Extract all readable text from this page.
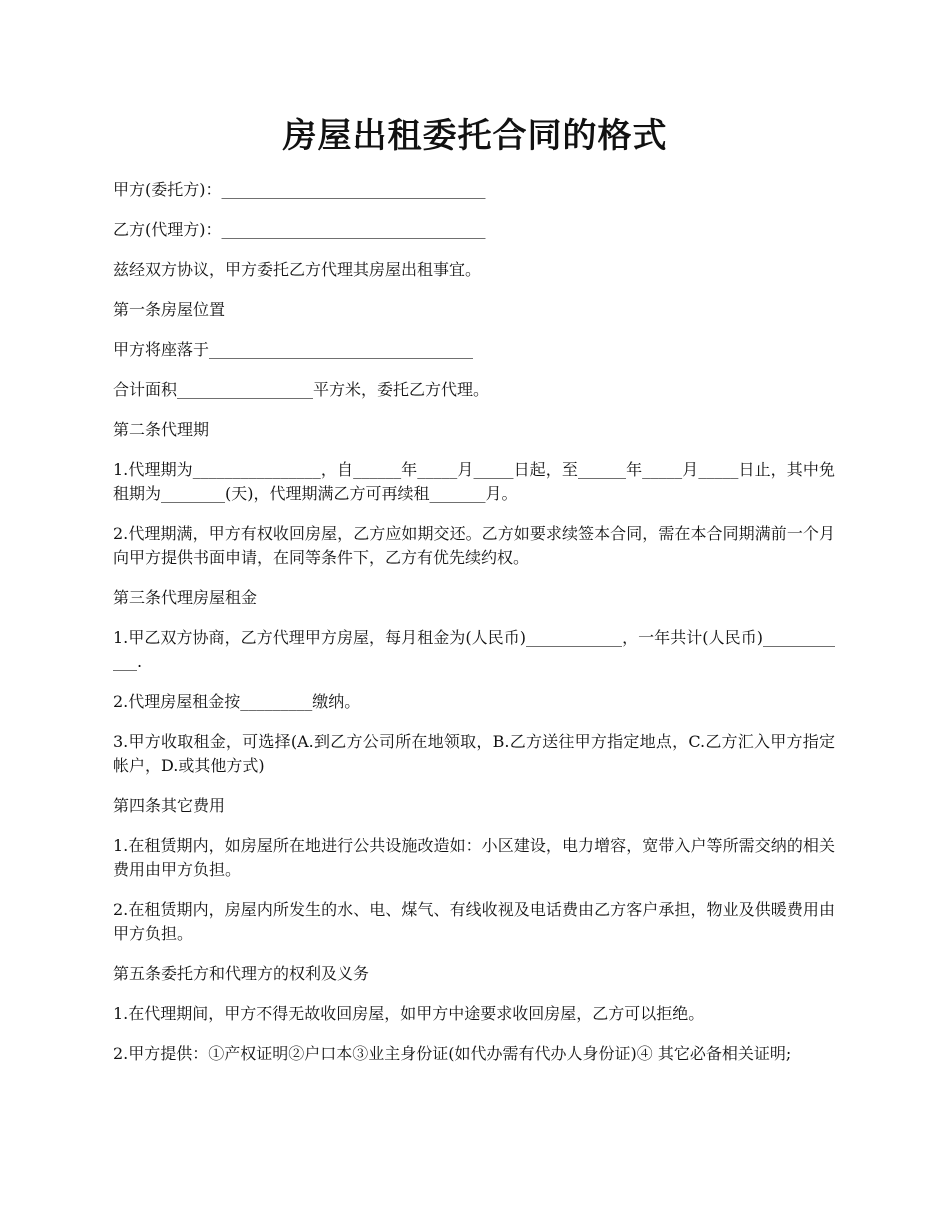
房屋出租委托合同的格式

甲方(委托方)：_________________________________

乙方(代理方)：_________________________________

兹经双方协议，甲方委托乙方代理其房屋出租事宜。

第一条房屋位置

甲方将座落于_________________________________

合计面积_________________平方米，委托乙方代理。

第二条代理期

1.代理期为________________，自______年_____月_____日起，至______年_____月_____日止，其中免租期为________(天)，代理期满乙方可再续租_______月。

2.代理期满，甲方有权收回房屋，乙方应如期交还。乙方如要求续签本合同，需在本合同期满前一个月向甲方提供书面申请，在同等条件下，乙方有优先续约权。

第三条代理房屋租金

1.甲乙双方协商，乙方代理甲方房屋，每月租金为(人民币)____________，一年共计(人民币)____________.

2.代理房屋租金按_________缴纳。

3.甲方收取租金，可选择(A.到乙方公司所在地领取，B.乙方送往甲方指定地点，C.乙方汇入甲方指定帐户，D.或其他方式)

第四条其它费用

1.在租赁期内，如房屋所在地进行公共设施改造如：小区建设，电力增容，宽带入户等所需交纳的相关费用由甲方负担。

2.在租赁期内，房屋内所发生的水、电、煤气、有线收视及电话费由乙方客户承担，物业及供暖费用由甲方负担。

第五条委托方和代理方的权利及义务

1.在代理期间，甲方不得无故收回房屋，如甲方中途要求收回房屋，乙方可以拒绝。

2.甲方提供：①产权证明②户口本③业主身份证(如代办需有代办人身份证)④ 其它必备相关证明;
